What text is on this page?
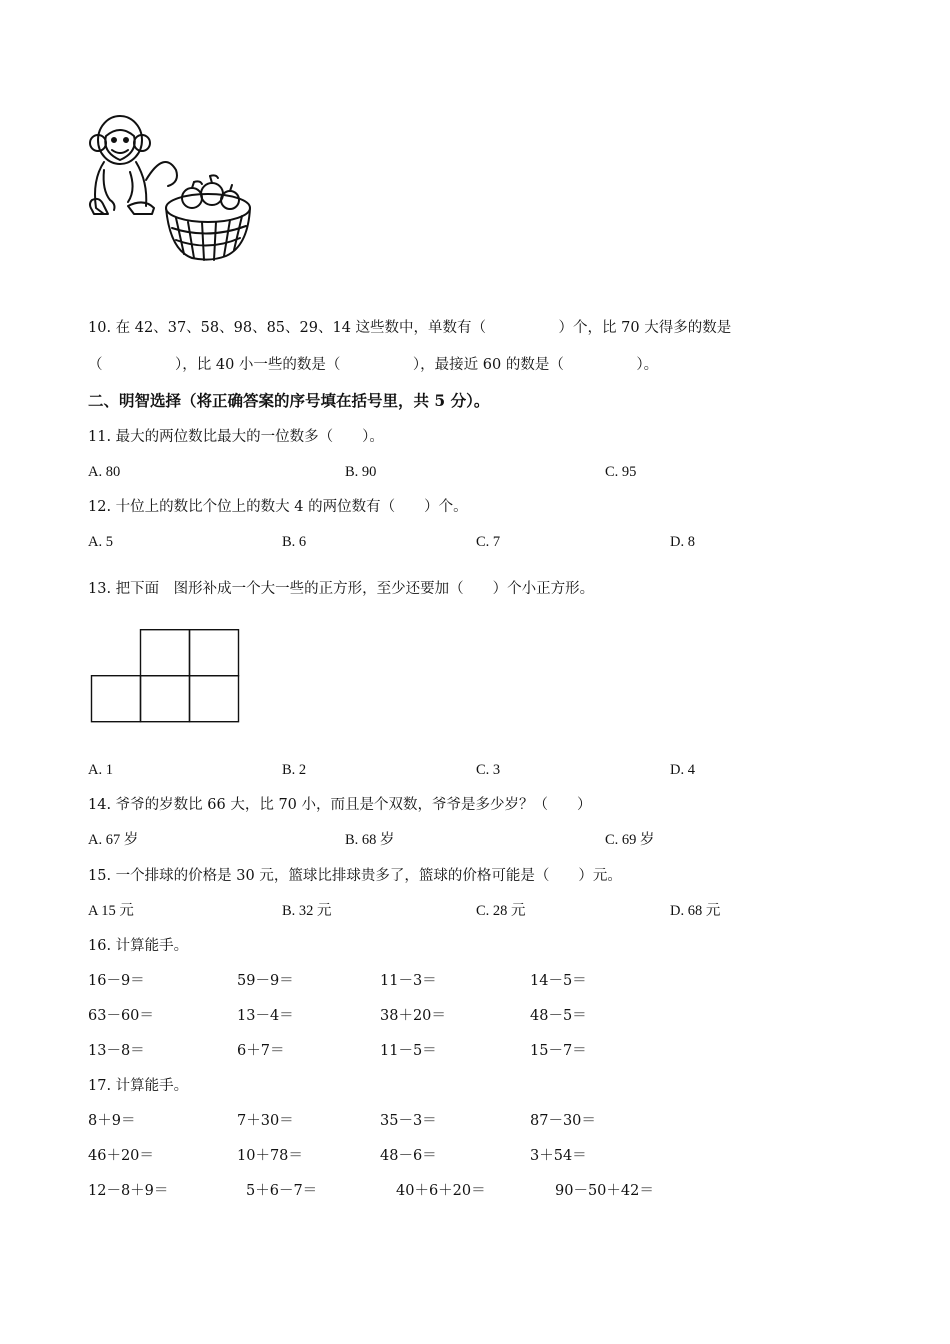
10. 在 42、37、58、98、85、29、14 这些数中，单数有（　　　　　）个，比 70 大得多的数是
（　　　　　），比 40 小一些的数是（　　　　　），最接近 60 的数是（　　　　　）。
二、明智选择（将正确答案的序号填在括号里，共 5 分）。
11. 最大的两位数比最大的一位数多（　　）。
A. 80	B. 90	C. 95
12. 十位上的数比个位上的数大 4 的两位数有（　　）个。
A. 5	B. 6	C. 7	D. 8
13. 把下面　图形补成一个大一些的正方形，至少还要加（　　）个小正方形。
A. 1	B. 2	C. 3	D. 4
14. 爷爷的岁数比 66 大，比 70 小，而且是个双数，爷爷是多少岁？（　　）
A. 67 岁	B. 68 岁	C. 69 岁
15. 一个排球的价格是 30 元，篮球比排球贵多了，篮球的价格可能是（　　）元。
A 15 元	B. 32 元	C. 28 元	D. 68 元
16. 计算能手。
16－9＝	59－9＝	11－3＝	14－5＝
63－60＝	13－4＝	38＋20＝	48－5＝
13－8＝	6＋7＝	11－5＝	15－7＝
17. 计算能手。
8＋9＝	7＋30＝	35－3＝	87－30＝
46＋20＝	10＋78＝	48－6＝	3＋54＝
12－8＋9＝	5＋6－7＝	40＋6＋20＝	90－50＋42＝
